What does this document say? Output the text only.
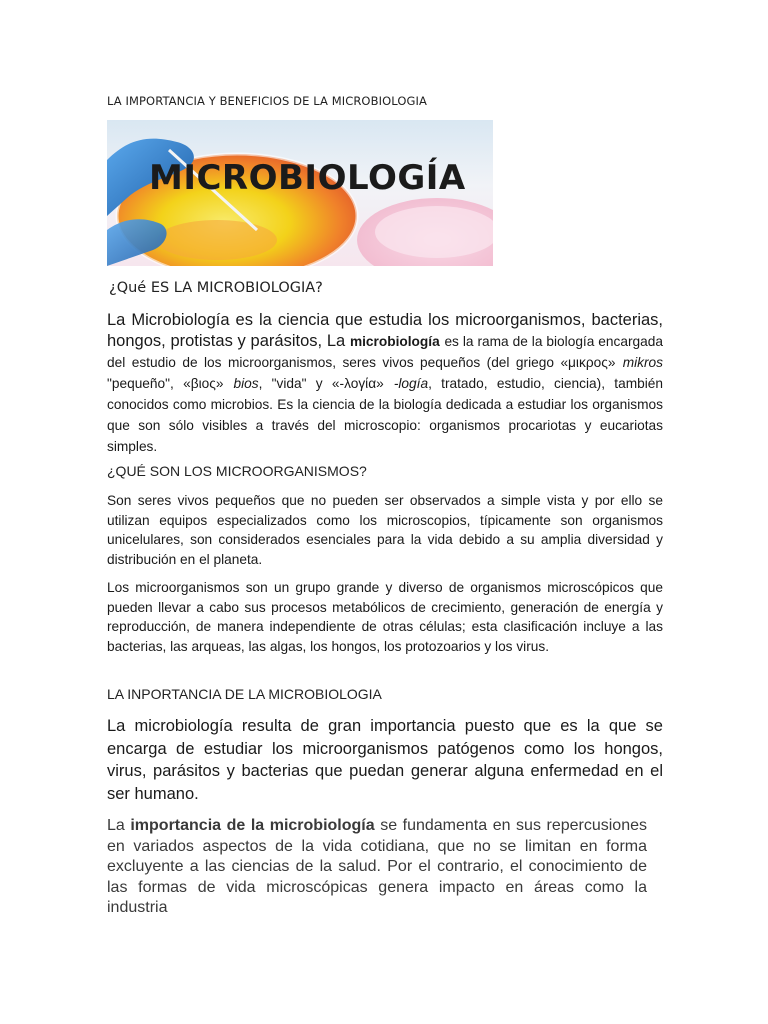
LA IMPORTANCIA Y BENEFICIOS DE LA MICROBIOLOGIA
MICROBIOLOGÍA
¿Qué ES LA MICROBIOLOGIA?

La Microbiología es la ciencia que estudia los microorganismos, bacterias, hongos, protistas y parásitos, La microbiología es la rama de la biología encargada del estudio de los microorganismos, seres vivos pequeños (del griego «μικρος» mikros "pequeño", «βιος» bios, "vida" y «-λογία» -logía, tratado, estudio, ciencia), también conocidos como microbios. Es la ciencia de la biología dedicada a estudiar los organismos que son sólo visibles a través del microscopio: organismos procariotas y eucariotas simples.

¿QUÉ SON LOS MICROORGANISMOS?

Son seres vivos pequeños que no pueden ser observados a simple vista y por ello se utilizan equipos especializados como los microscopios, típicamente son organismos unicelulares, son considerados esenciales para la vida debido a su amplia diversidad y distribución en el planeta.

Los microorganismos son un grupo grande y diverso de organismos microscópicos que pueden llevar a cabo sus procesos metabólicos de crecimiento, generación de energía y reproducción, de manera independiente de otras células; esta clasificación incluye a las bacterias, las arqueas, las algas, los hongos, los protozoarios y los virus.

LA INPORTANCIA DE LA MICROBIOLOGIA

La microbiología resulta de gran importancia puesto que es la que se encarga de estudiar los microorganismos patógenos como los hongos, virus, parásitos y bacterias que puedan generar alguna enfermedad en el ser humano.

La importancia de la microbiología se fundamenta en sus repercusiones en variados aspectos de la vida cotidiana, que no se limitan en forma excluyente a las ciencias de la salud. Por el contrario, el conocimiento de las formas de vida microscópicas genera impacto en áreas como la industria
